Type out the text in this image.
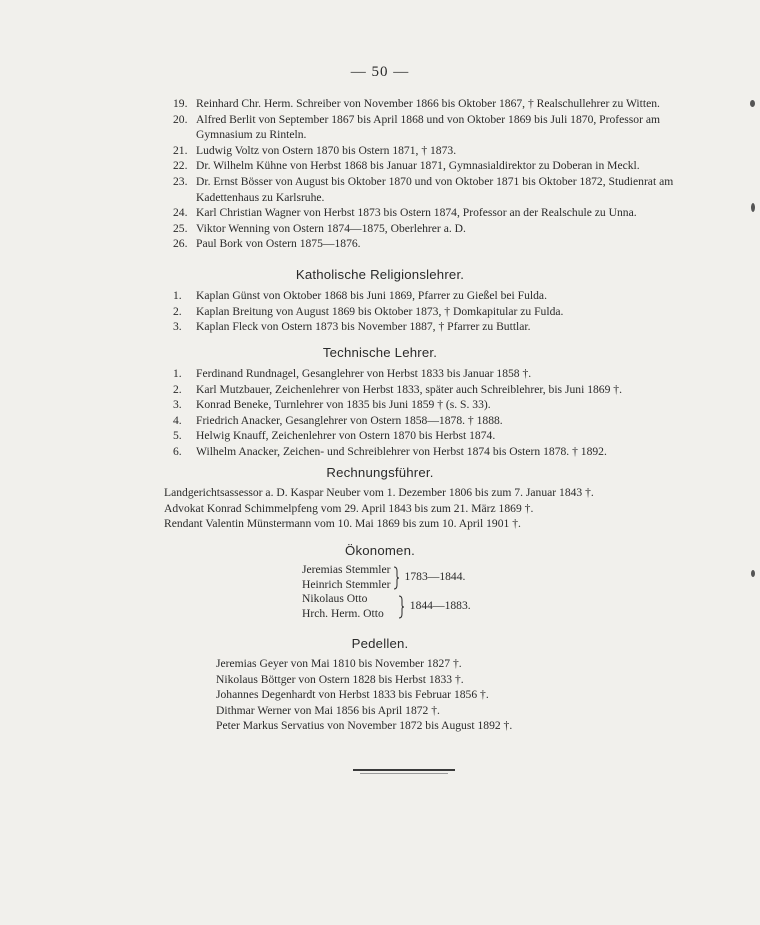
— 50 —
19. Reinhard Chr. Herm. Schreiber von November 1866 bis Oktober 1867, † Realschullehrer zu Witten.
20. Alfred Berlit von September 1867 bis April 1868 und von Oktober 1869 bis Juli 1870, Professor am Gymnasium zu Rinteln.
21. Ludwig Voltz von Ostern 1870 bis Ostern 1871, † 1873.
22. Dr. Wilhelm Kühne von Herbst 1868 bis Januar 1871, Gymnasialdirektor zu Doberan in Meckl.
23. Dr. Ernst Bösser von August bis Oktober 1870 und von Oktober 1871 bis Oktober 1872, Studienrat am Kadettenhaus zu Karlsruhe.
24. Karl Christian Wagner von Herbst 1873 bis Ostern 1874, Professor an der Realschule zu Unna.
25. Viktor Wenning von Ostern 1874—1875, Oberlehrer a. D.
26. Paul Bork von Ostern 1875—1876.
Katholische Religionslehrer.
1.	Kaplan Günst von Oktober 1868 bis Juni 1869, Pfarrer zu Gießel bei Fulda.
2.	Kaplan Breitung von August 1869 bis Oktober 1873, † Domkapitular zu Fulda.
3.	Kaplan Fleck von Ostern 1873 bis November 1887, † Pfarrer zu Buttlar.
Technische Lehrer.
1.	Ferdinand Rundnagel, Gesanglehrer von Herbst 1833 bis Januar 1858 †.
2.	Karl Mutzbauer, Zeichenlehrer von Herbst 1833, später auch Schreiblehrer, bis Juni 1869 †.
3.	Konrad Beneke, Turnlehrer von 1835 bis Juni 1859 † (s. S. 33).
4.	Friedrich Anacker, Gesanglehrer von Ostern 1858—1878. † 1888.
5.	Helwig Knauff, Zeichenlehrer von Ostern 1870 bis Herbst 1874.
6.	Wilhelm Anacker, Zeichen- und Schreiblehrer von Herbst 1874 bis Ostern 1878. † 1892.
Rechnungsführer.
Landgerichtsassessor a. D. Kaspar Neuber vom 1. Dezember 1806 bis zum 7. Januar 1843 †.
Advokat Konrad Schimmelpfeng vom 29. April 1843 bis zum 21. März 1869 †.
Rendant Valentin Münstermann vom 10. Mai 1869 bis zum 10. April 1901 †.
Ökonomen.
Jeremias Stemmler
Heinrich Stemmler
1783—1844.
Nikolaus Otto
Hrch. Herm. Otto
1844—1883.
Pedellen.
Jeremias Geyer von Mai 1810 bis November 1827 †.
Nikolaus Böttger von Ostern 1828 bis Herbst 1833 †.
Johannes Degenhardt von Herbst 1833 bis Februar 1856 †.
Dithmar Werner von Mai 1856 bis April 1872 †.
Peter Markus Servatius von November 1872 bis August 1892 †.
